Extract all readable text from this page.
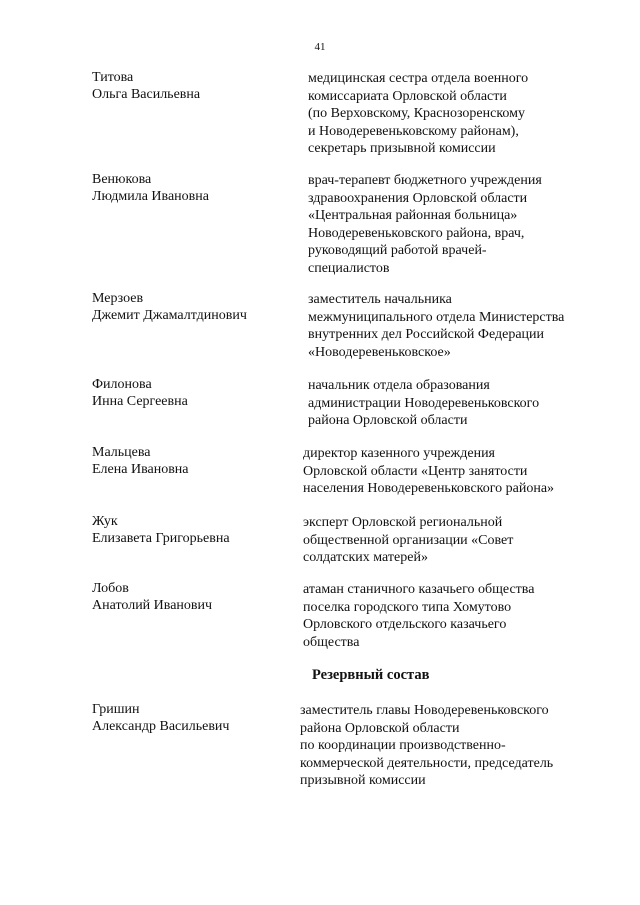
41
Титова
Ольга Васильевна
медицинская сестра отдела военного
комиссариата Орловской области
(по Верховскому, Краснозоренскому
и Новодеревеньковскому районам),
секретарь призывной комиссии
Венюкова
Людмила Ивановна
врач-терапевт бюджетного учреждения
здравоохранения Орловской области
«Центральная районная больница»
Новодеревеньковского района, врач,
руководящий работой врачей-
специалистов
Мерзоев
Джемит Джамалтдинович
заместитель начальника
межмуниципального отдела Министерства
внутренних дел Российской Федерации
«Новодеревеньковское»
Филонова
Инна Сергеевна
начальник отдела образования
администрации Новодеревеньковского
района Орловской области
Мальцева
Елена Ивановна
директор казенного учреждения
Орловской области «Центр занятости
населения Новодеревеньковского района»
Жук
Елизавета Григорьевна
эксперт Орловской региональной
общественной организации «Совет
солдатских матерей»
Лобов
Анатолий Иванович
атаман станичного казачьего общества
поселка городского типа Хомутово
Орловского отдельского казачьего
общества
Резервный состав
Гришин
Александр Васильевич
заместитель главы Новодеревеньковского
района Орловской области
по координации производственно-
коммерческой деятельности, председатель
призывной комиссии
